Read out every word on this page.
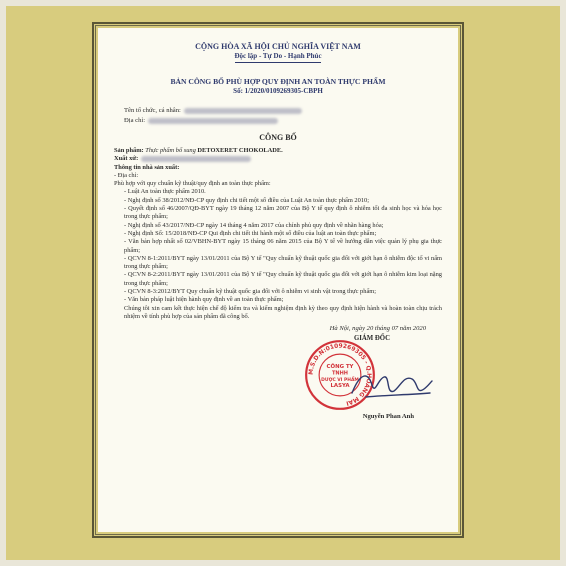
CỘNG HÒA XÃ HỘI CHỦ NGHĨA VIỆT NAM
Độc lập - Tự Do - Hạnh Phúc
BẢN CÔNG BỐ PHÙ HỢP QUY ĐỊNH AN TOÀN THỰC PHẨM
Số: 1/2020/0109269305-CBPH
Tên tổ chức, cá nhân:
Địa chỉ:
CÔNG BỐ
Sản phẩm: Thực phẩm bổ sung DETOXERET CHOKOLADE.
Xuất xứ:
Thông tin nhà sản xuất:
- Địa chỉ:
Phù hợp với quy chuẩn kỹ thuật/quy định an toàn thực phẩm:
- Luật An toàn thực phẩm 2010.
- Nghị định số 38/2012/NĐ-CP quy định chi tiết một số điều của Luật An toàn thực phẩm 2010;
- Quyết định số 46/2007/QĐ-BYT ngày 19 tháng 12 năm 2007 của Bộ Y tế quy định ô nhiễm tối đa sinh học và hóa học trong thực phẩm;
- Nghị định số 43/2017/NĐ-CP ngày 14 tháng 4 năm 2017 của chính phủ quy định về nhãn hàng hóa;
- Nghị định Số: 15/2018/NĐ-CP Qui định chi tiết thi hành một số điều của luật an toàn thực phẩm;
- Văn bản hợp nhất số 02/VBHN-BYT ngày 15 tháng 06 năm 2015 của Bộ Y tế về hướng dẫn việc quản lý phụ gia thực phẩm;
- QCVN 8-1:2011/BYT ngày 13/01/2011 của Bộ Y tế "Quy chuẩn kỹ thuật quốc gia đối với giới hạn ô nhiễm độc tố vi nấm trong thực phẩm;
- QCVN 8-2:2011/BYT ngày 13/01/2011 của Bộ Y tế "Quy chuẩn kỹ thuật quốc gia đối với giới hạn ô nhiễm kim loại nặng trong thực phẩm;
- QCVN 8-3:2012/BYT Quy chuẩn kỹ thuật quốc gia đối với ô nhiễm vi sinh vật trong thực phẩm;
- Văn bản pháp luật hiện hành quy định về an toàn thực phẩm;
Chúng tôi xin cam kết thực hiện chế độ kiểm tra và kiểm nghiệm định kỳ theo quy định hiện hành và hoàn toàn chịu trách nhiệm về tính phù hợp của sản phẩm đã công bố.
Hà Nội, ngày 20 tháng 07 năm 2020
GIÁM ĐỐC
M.S.D.N:0109269305 - Q.HOÀNG MAI
CÔNG TY
TNHH
DƯỢC VI PHẨM
LASYA
Nguyễn Phan Anh
